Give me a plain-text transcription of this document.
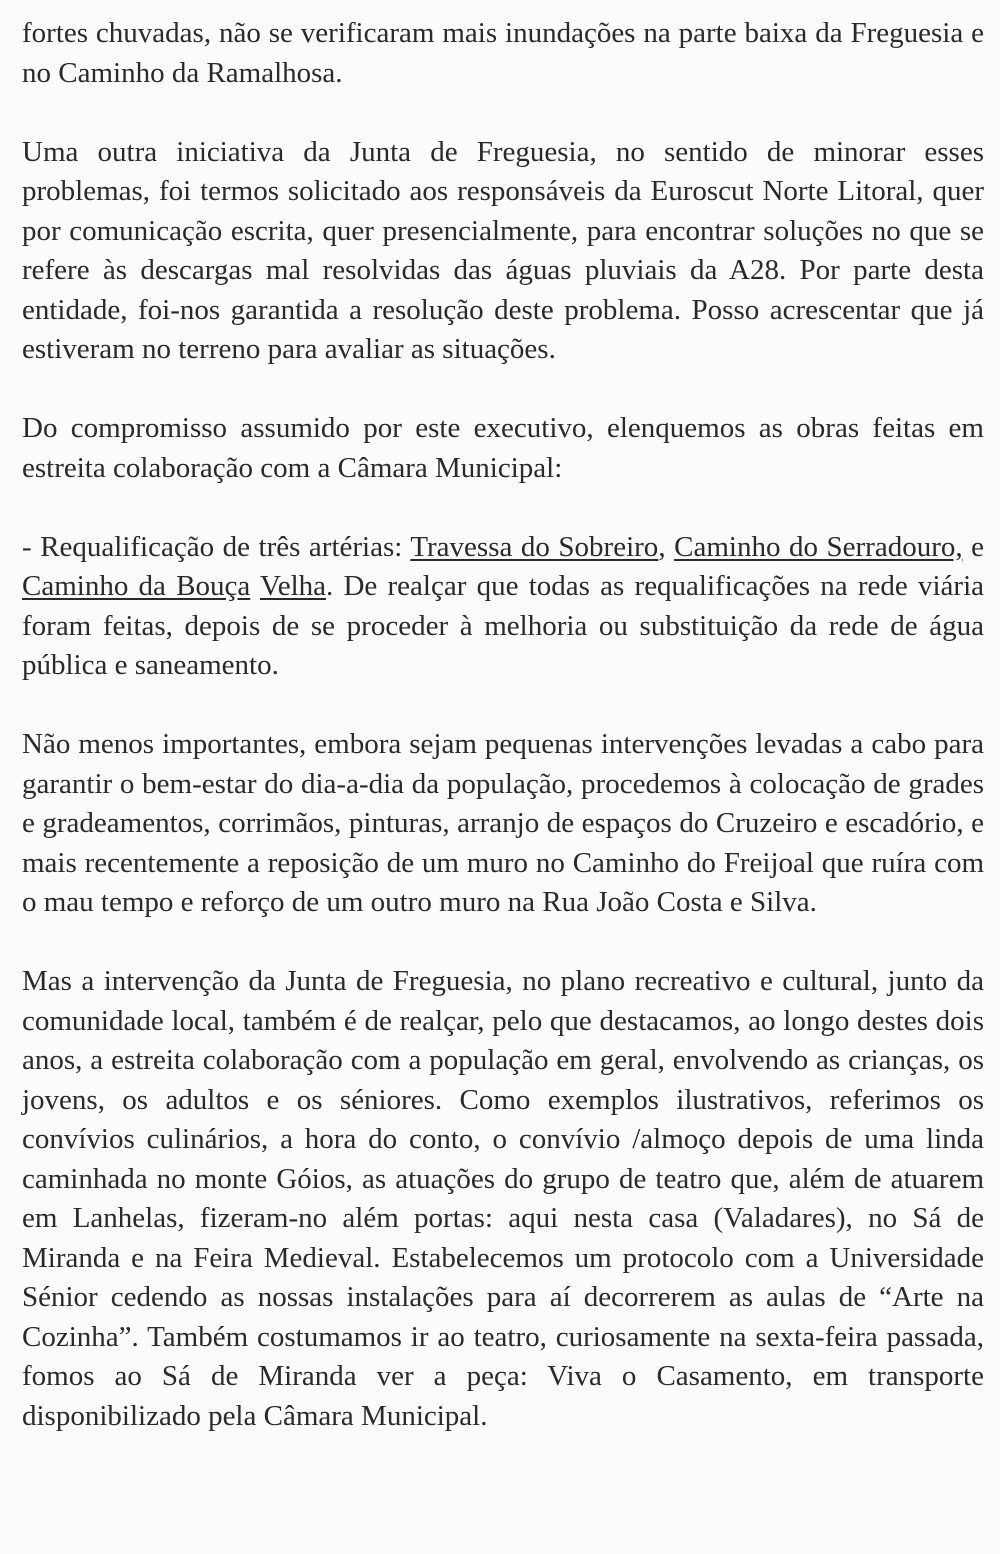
fortes chuvadas, não se verificaram mais inundações na parte baixa da Freguesia e no Caminho da Ramalhosa.

Uma outra iniciativa da Junta de Freguesia, no sentido de minorar esses problemas, foi termos solicitado aos responsáveis da Euroscut Norte Litoral, quer por comunicação escrita, quer presencialmente, para encontrar soluções no que se refere às descargas mal resolvidas das águas pluviais da A28. Por parte desta entidade, foi-nos garantida a resolução deste problema. Posso acrescentar que já estiveram no terreno para avaliar as situações.

Do compromisso assumido por este executivo, elenquemos as obras feitas em estreita colaboração com a Câmara Municipal:

- Requalificação de três artérias: Travessa do Sobreiro, Caminho do Serradouro, e Caminho da Bouça Velha. De realçar que todas as requalificações na rede viária foram feitas, depois de se proceder à melhoria ou substituição da rede de água pública e saneamento.

Não menos importantes, embora sejam pequenas intervenções levadas a cabo para garantir o bem-estar do dia-a-dia da população, procedemos à colocação de grades e gradeamentos, corrimãos, pinturas, arranjo de espaços do Cruzeiro e escadório, e mais recentemente a reposição de um muro no Caminho do Freijoal que ruíra com o mau tempo e reforço de um outro muro na Rua João Costa e Silva.

Mas a intervenção da Junta de Freguesia, no plano recreativo e cultural, junto da comunidade local, também é de realçar, pelo que destacamos, ao longo destes dois anos, a estreita colaboração com a população em geral, envolvendo as crianças, os jovens, os adultos e os séniores. Como exemplos ilustrativos, referimos os convívios culinários, a hora do conto, o convívio /almoço depois de uma linda caminhada no monte Góios, as atuações do grupo de teatro que, além de atuarem em Lanhelas, fizeram-no além portas: aqui nesta casa (Valadares), no Sá de Miranda e na Feira Medieval. Estabelecemos um protocolo com a Universidade Sénior cedendo as nossas instalações para aí decorrerem as aulas de “Arte na Cozinha”. Também costumamos ir ao teatro, curiosamente na sexta-feira passada, fomos ao Sá de Miranda ver a peça: Viva o Casamento, em transporte disponibilizado pela Câmara Municipal.
